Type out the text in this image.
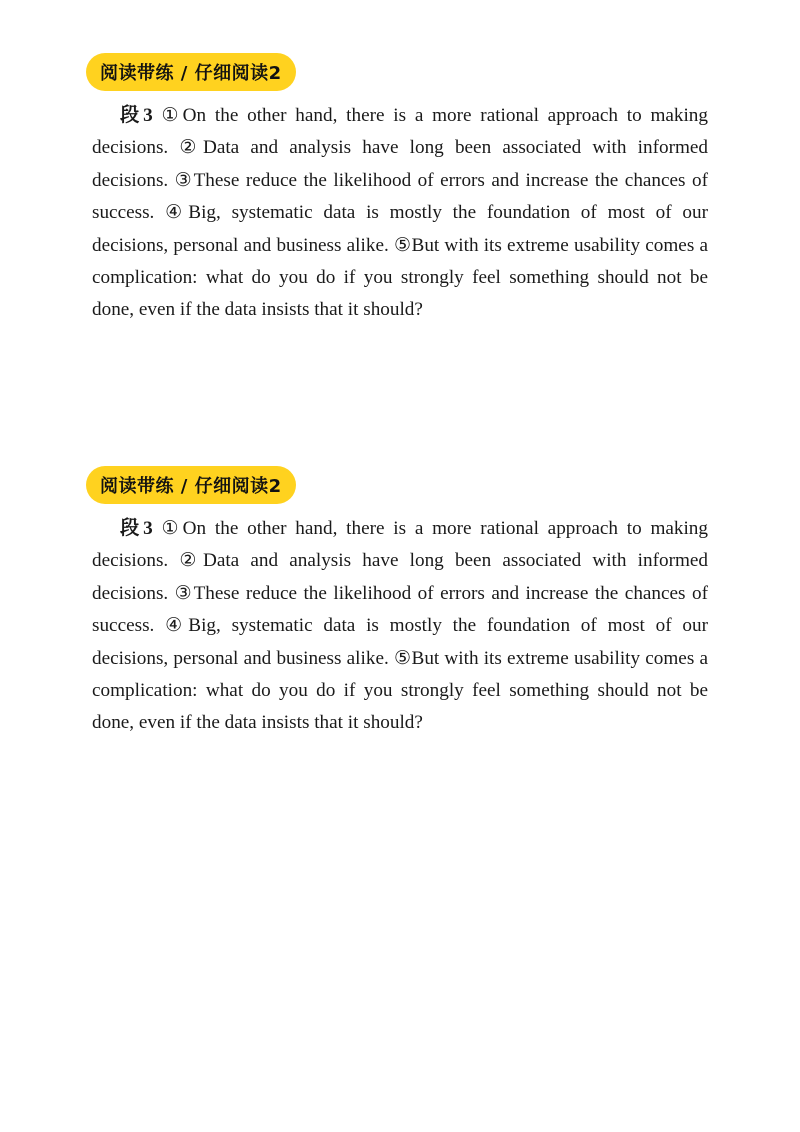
阅读带练 / 仔细阅读2

段3 ①On the other hand, there is a more rational approach to making decisions. ②Data and analysis have long been associated with informed decisions. ③These reduce the likelihood of errors and increase the chances of success. ④Big, systematic data is mostly the foundation of most of our decisions, personal and business alike. ⑤But with its extreme usability comes a complication: what do you do if you strongly feel something should not be done, even if the data insists that it should?

阅读带练 / 仔细阅读2

段3 ①On the other hand, there is a more rational approach to making decisions. ②Data and analysis have long been associated with informed decisions. ③These reduce the likelihood of errors and increase the chances of success. ④Big, systematic data is mostly the foundation of most of our decisions, personal and business alike. ⑤But with its extreme usability comes a complication: what do you do if you strongly feel something should not be done, even if the data insists that it should?
